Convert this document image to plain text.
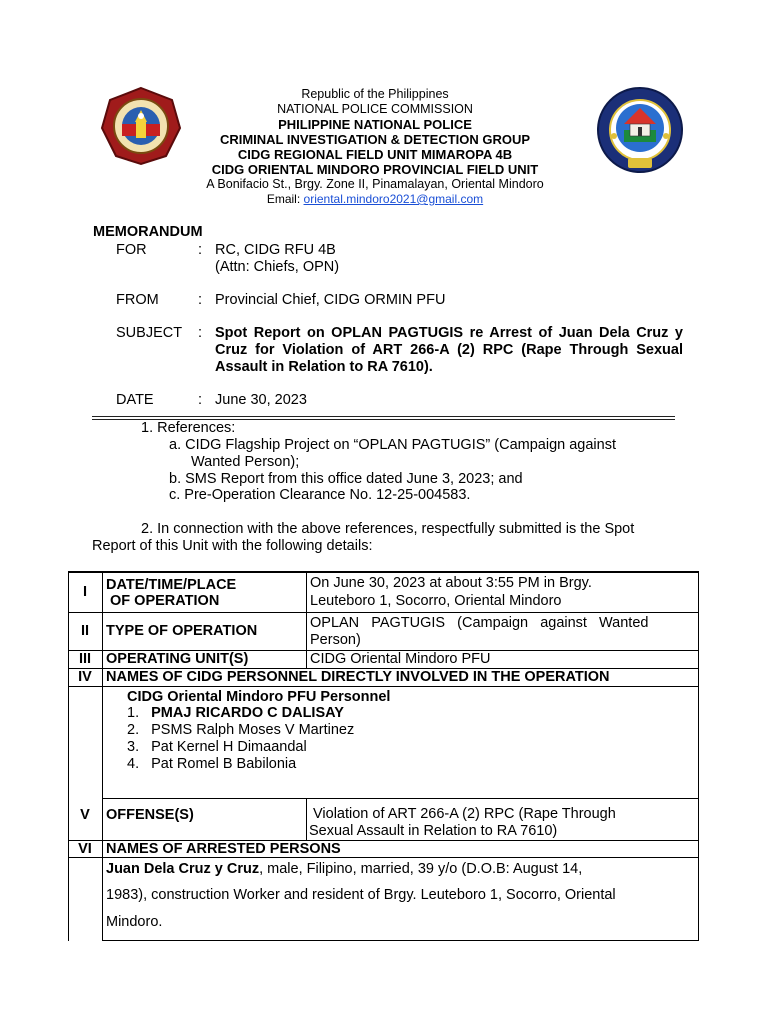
Republic of the Philippines
NATIONAL POLICE COMMISSION
PHILIPPINE NATIONAL POLICE
CRIMINAL INVESTIGATION & DETECTION GROUP
CIDG REGIONAL FIELD UNIT MIMAROPA 4B
CIDG ORIENTAL MINDORO PROVINCIAL FIELD UNIT
A Bonifacio St., Brgy. Zone II, Pinamalayan, Oriental Mindoro
Email: oriental.mindoro2021@gmail.com
MEMORANDUM
FOR	: RC, CIDG RFU 4B
(Attn: Chiefs, OPN)
FROM	: Provincial Chief, CIDG ORMIN PFU
SUBJECT : Spot Report on OPLAN PAGTUGIS re Arrest of Juan Dela Cruz y Cruz for Violation of ART 266-A (2) RPC (Rape Through Sexual Assault in Relation to RA 7610).
DATE	: June 30, 2023
1. References:
a. CIDG Flagship Project on “OPLAN PAGTUGIS” (Campaign against
Wanted Person);
b. SMS Report from this office dated June 3, 2023; and
c. Pre-Operation Clearance No. 12-25-004583.
2. In connection with the above references, respectfully submitted is the Spot
Report of this Unit with the following details:
I	DATE/TIME/PLACE
OF OPERATION
On June 30, 2023 at about 3:55 PM in Brgy.
Leuteboro 1, Socorro, Oriental Mindoro
II	TYPE OF OPERATION	OPLAN   PAGTUGIS   (Campaign   against   Wanted
Person)
III	OPERATING UNIT(S)	CIDG Oriental Mindoro PFU
IV NAMES OF CIDG PERSONNEL DIRECTLY INVOLVED IN THE OPERATION
CIDG Oriental Mindoro PFU Personnel
1. PMAJ RICARDO C DALISAY
2. PSMS Ralph Moses V Martinez
3. Pat Kernel H Dimaandal
4. Pat Romel B Babilonia
V	OFFENSE(S)	Violation of ART 266-A (2) RPC (Rape Through
Sexual Assault in Relation to RA 7610)
VI NAMES OF ARRESTED PERSONS
Juan Dela Cruz y Cruz, male, Filipino, married, 39 y/o (D.O.B: August 14,
1983), construction Worker and resident of Brgy. Leuteboro 1, Socorro, Oriental
Mindoro.
